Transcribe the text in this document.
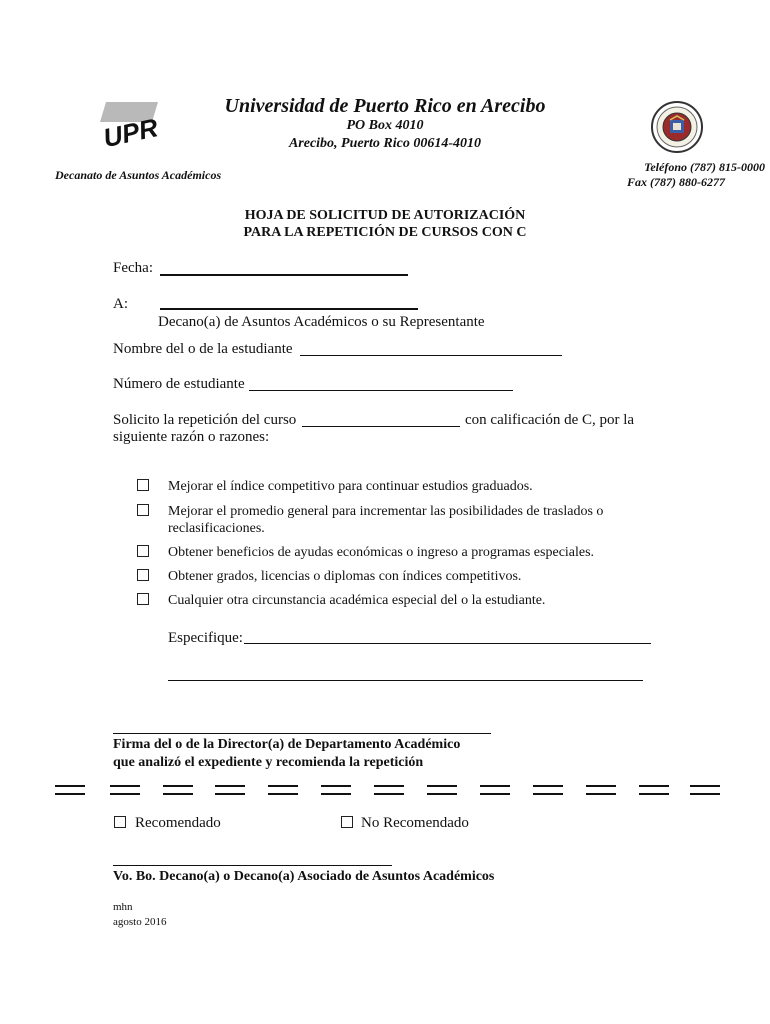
UPR
Universidad de Puerto Rico en Arecibo
PO Box 4010
Arecibo, Puerto Rico 00614-4010
Decanato de Asuntos Académicos
Teléfono (787) 815-0000
Fax (787) 880-6277
HOJA DE SOLICITUD DE AUTORIZACIÓN
PARA LA REPETICIÓN DE CURSOS CON C
Fecha:
A:
Decano(a) de Asuntos Académicos o su Representante
Nombre del o de la estudiante
Número de estudiante
Solicito la repetición del curso	con calificación de C, por la
siguiente razón o razones:
Mejorar el índice competitivo para continuar estudios graduados.
Mejorar el promedio general para incrementar las posibilidades de traslados o
reclasificaciones.
Obtener beneficios de ayudas económicas o ingreso a programas especiales.
Obtener grados, licencias o diplomas con índices competitivos.
Cualquier otra circunstancia académica especial del o la estudiante.
Especifique:
Firma del o de la Director(a) de Departamento Académico
que analizó el expediente y recomienda la repetición
Recomendado	No Recomendado
Vo. Bo. Decano(a) o Decano(a) Asociado de Asuntos Académicos
mhn
agosto 2016
